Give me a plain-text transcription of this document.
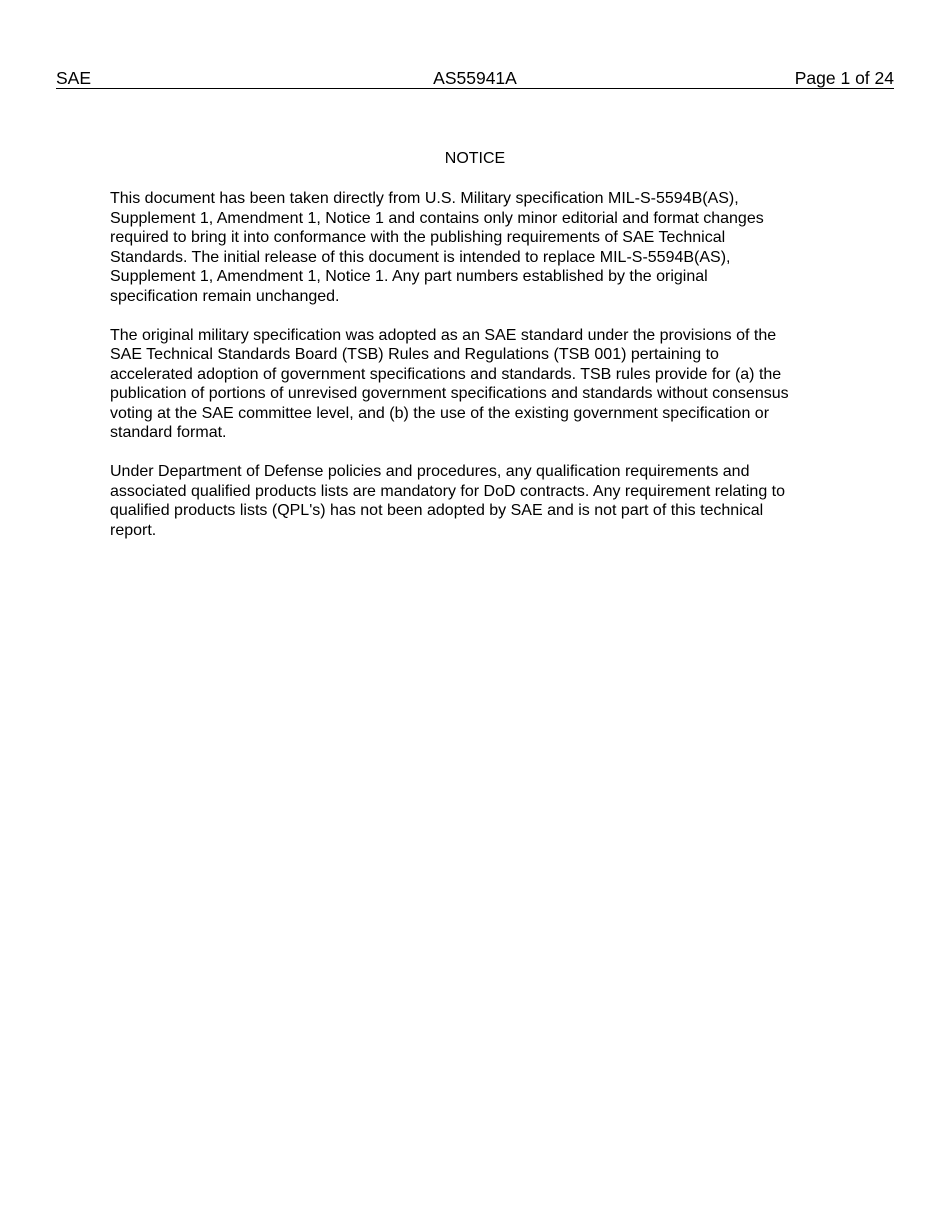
SAE	AS55941A	Page 1 of 24
NOTICE

This document has been taken directly from U.S. Military specification MIL-S-5594B(AS),
Supplement 1, Amendment 1, Notice 1 and contains only minor editorial and format changes
required to bring it into conformance with the publishing requirements of SAE Technical
Standards. The initial release of this document is intended to replace MIL-S-5594B(AS),
Supplement 1, Amendment 1, Notice 1. Any part numbers established by the original
specification remain unchanged.

The original military specification was adopted as an SAE standard under the provisions of the
SAE Technical Standards Board (TSB) Rules and Regulations (TSB 001) pertaining to
accelerated adoption of government specifications and standards. TSB rules provide for (a) the
publication of portions of unrevised government specifications and standards without consensus
voting at the SAE committee level, and (b) the use of the existing government specification or
standard format.

Under Department of Defense policies and procedures, any qualification requirements and
associated qualified products lists are mandatory for DoD contracts. Any requirement relating to
qualified products lists (QPL's) has not been adopted by SAE and is not part of this technical
report.
